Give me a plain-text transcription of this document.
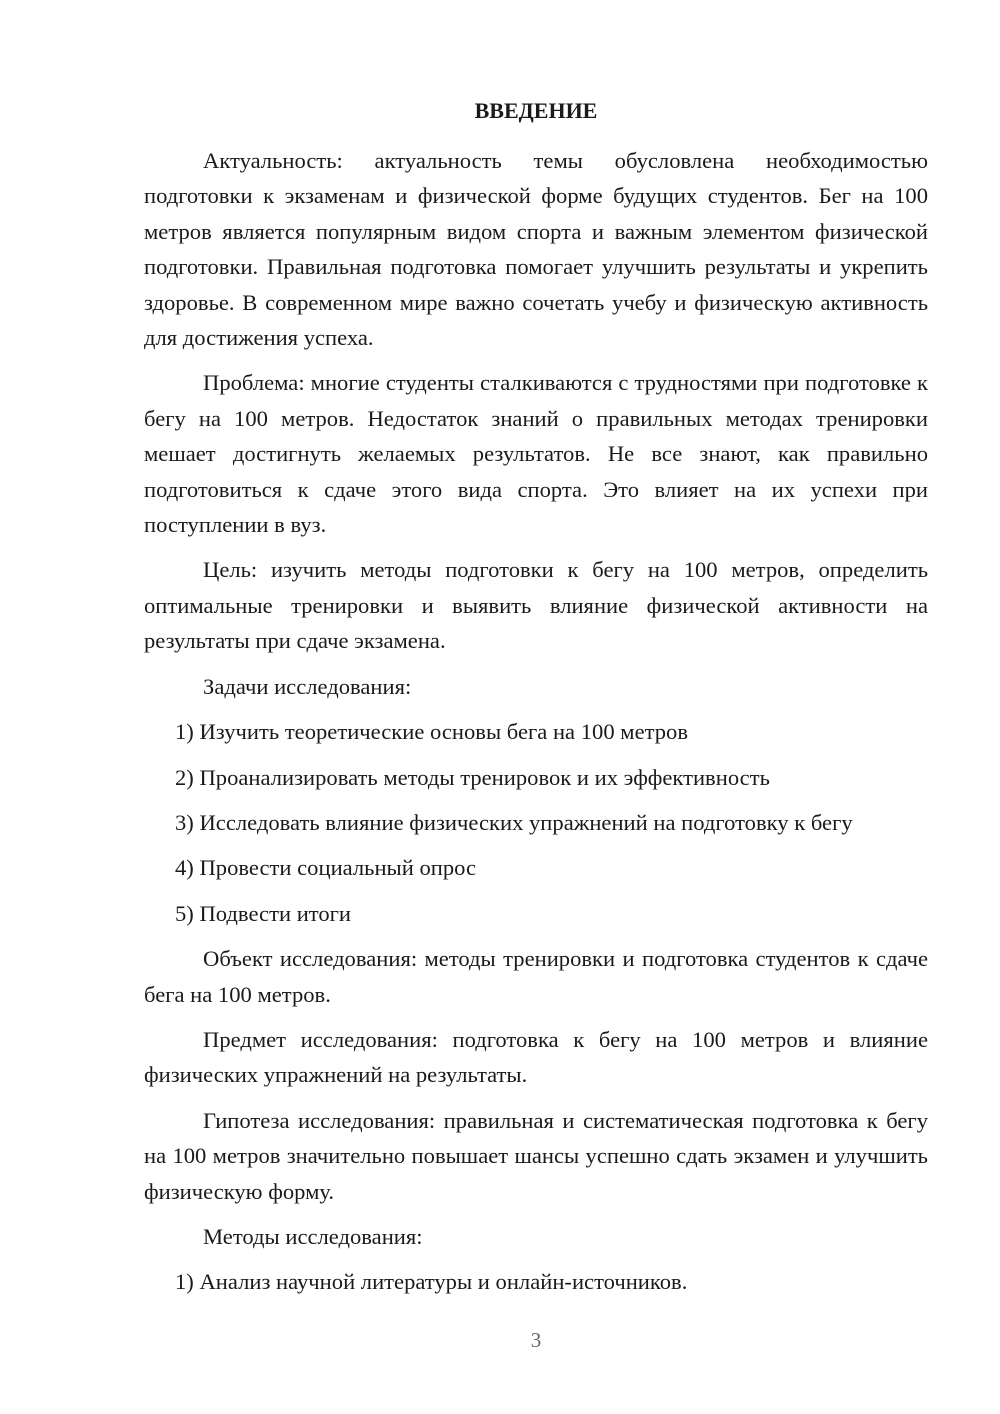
ВВЕДЕНИЕ

Актуальность: актуальность темы обусловлена необходимостью подготовки к экзаменам и физической форме будущих студентов. Бег на 100 метров является популярным видом спорта и важным элементом физической подготовки. Правильная подготовка помогает улучшить результаты и укрепить здоровье. В современном мире важно сочетать учебу и физическую активность для достижения успеха.

Проблема: многие студенты сталкиваются с трудностями при подготовке к бегу на 100 метров. Недостаток знаний о правильных методах тренировки мешает достигнуть желаемых результатов. Не все знают, как правильно подготовиться к сдаче этого вида спорта. Это влияет на их успехи при поступлении в вуз.

Цель: изучить методы подготовки к бегу на 100 метров, определить оптимальные тренировки и выявить влияние физической активности на результаты при сдаче экзамена.

Задачи исследования:

1) Изучить теоретические основы бега на 100 метров

2) Проанализировать методы тренировок и их эффективность

3) Исследовать влияние физических упражнений на подготовку к бегу

4) Провести социальный опрос

5) Подвести итоги

Объект исследования: методы тренировки и подготовка студентов к сдаче бега на 100 метров.

Предмет исследования: подготовка к бегу на 100 метров и влияние физических упражнений на результаты.

Гипотеза исследования: правильная и систематическая подготовка к бегу на 100 метров значительно повышает шансы успешно сдать экзамен и улучшить физическую форму.

Методы исследования:

1) Анализ научной литературы и онлайн-источников.

3
